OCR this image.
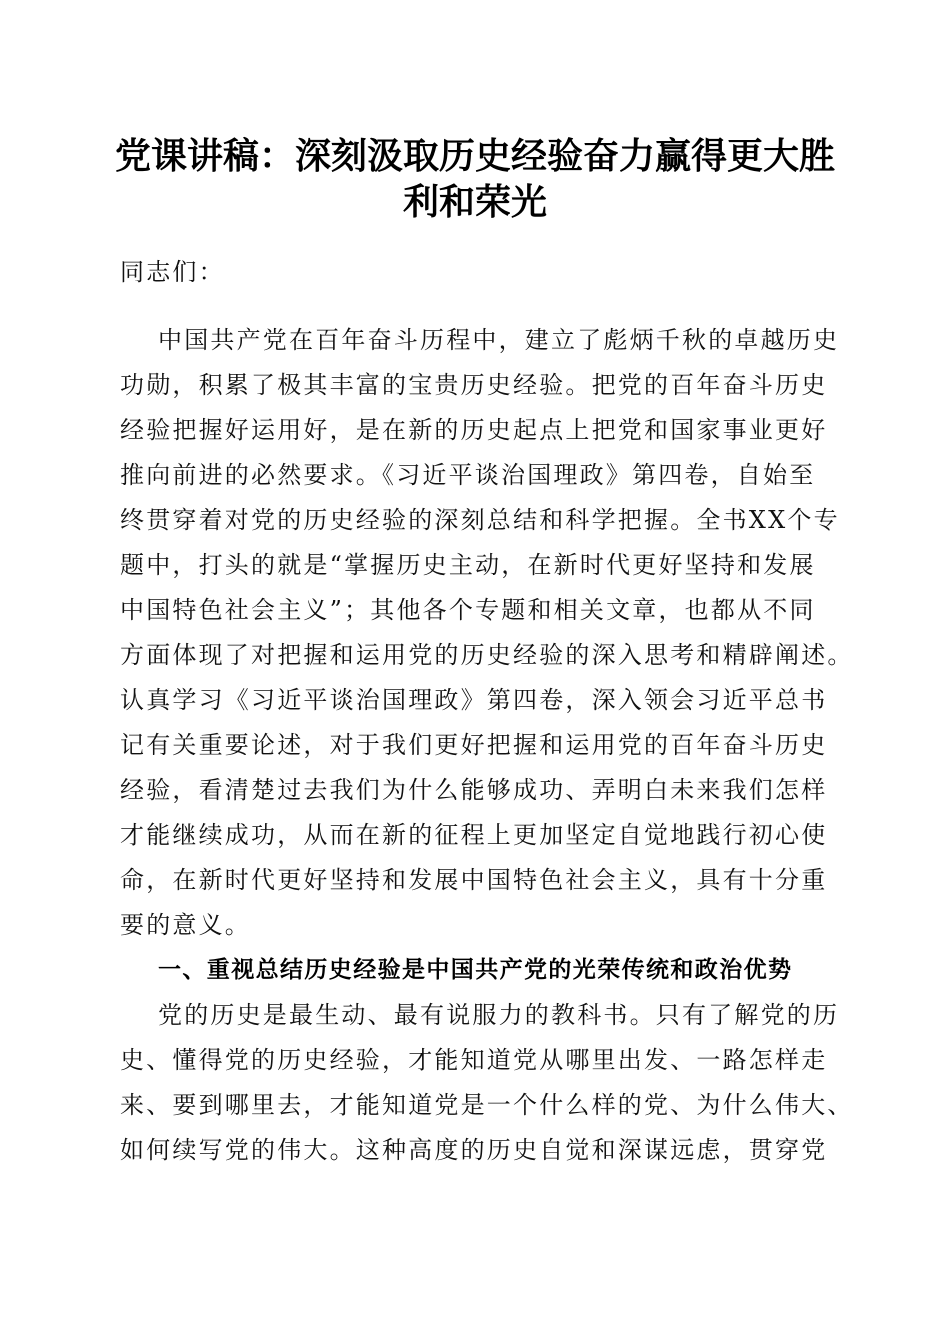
党课讲稿：深刻汲取历史经验奋力赢得更大胜
利和荣光

同志们：

中国共产党在百年奋斗历程中，建立了彪炳千秋的卓越历史
功勋，积累了极其丰富的宝贵历史经验。把党的百年奋斗历史
经验把握好运用好，是在新的历史起点上把党和国家事业更好
推向前进的必然要求。《习近平谈治国理政》第四卷，自始至
终贯穿着对党的历史经验的深刻总结和科学把握。全书XX个专
题中，打头的就是“掌握历史主动，在新时代更好坚持和发展
中国特色社会主义”；其他各个专题和相关文章，也都从不同
方面体现了对把握和运用党的历史经验的深入思考和精辟阐述。
认真学习《习近平谈治国理政》第四卷，深入领会习近平总书
记有关重要论述，对于我们更好把握和运用党的百年奋斗历史
经验，看清楚过去我们为什么能够成功、弄明白未来我们怎样
才能继续成功，从而在新的征程上更加坚定自觉地践行初心使
命，在新时代更好坚持和发展中国特色社会主义，具有十分重
要的意义。
一、重视总结历史经验是中国共产党的光荣传统和政治优势
党的历史是最生动、最有说服力的教科书。只有了解党的历
史、懂得党的历史经验，才能知道党从哪里出发、一路怎样走
来、要到哪里去，才能知道党是一个什么样的党、为什么伟大、
如何续写党的伟大。这种高度的历史自觉和深谋远虑，贯穿党
